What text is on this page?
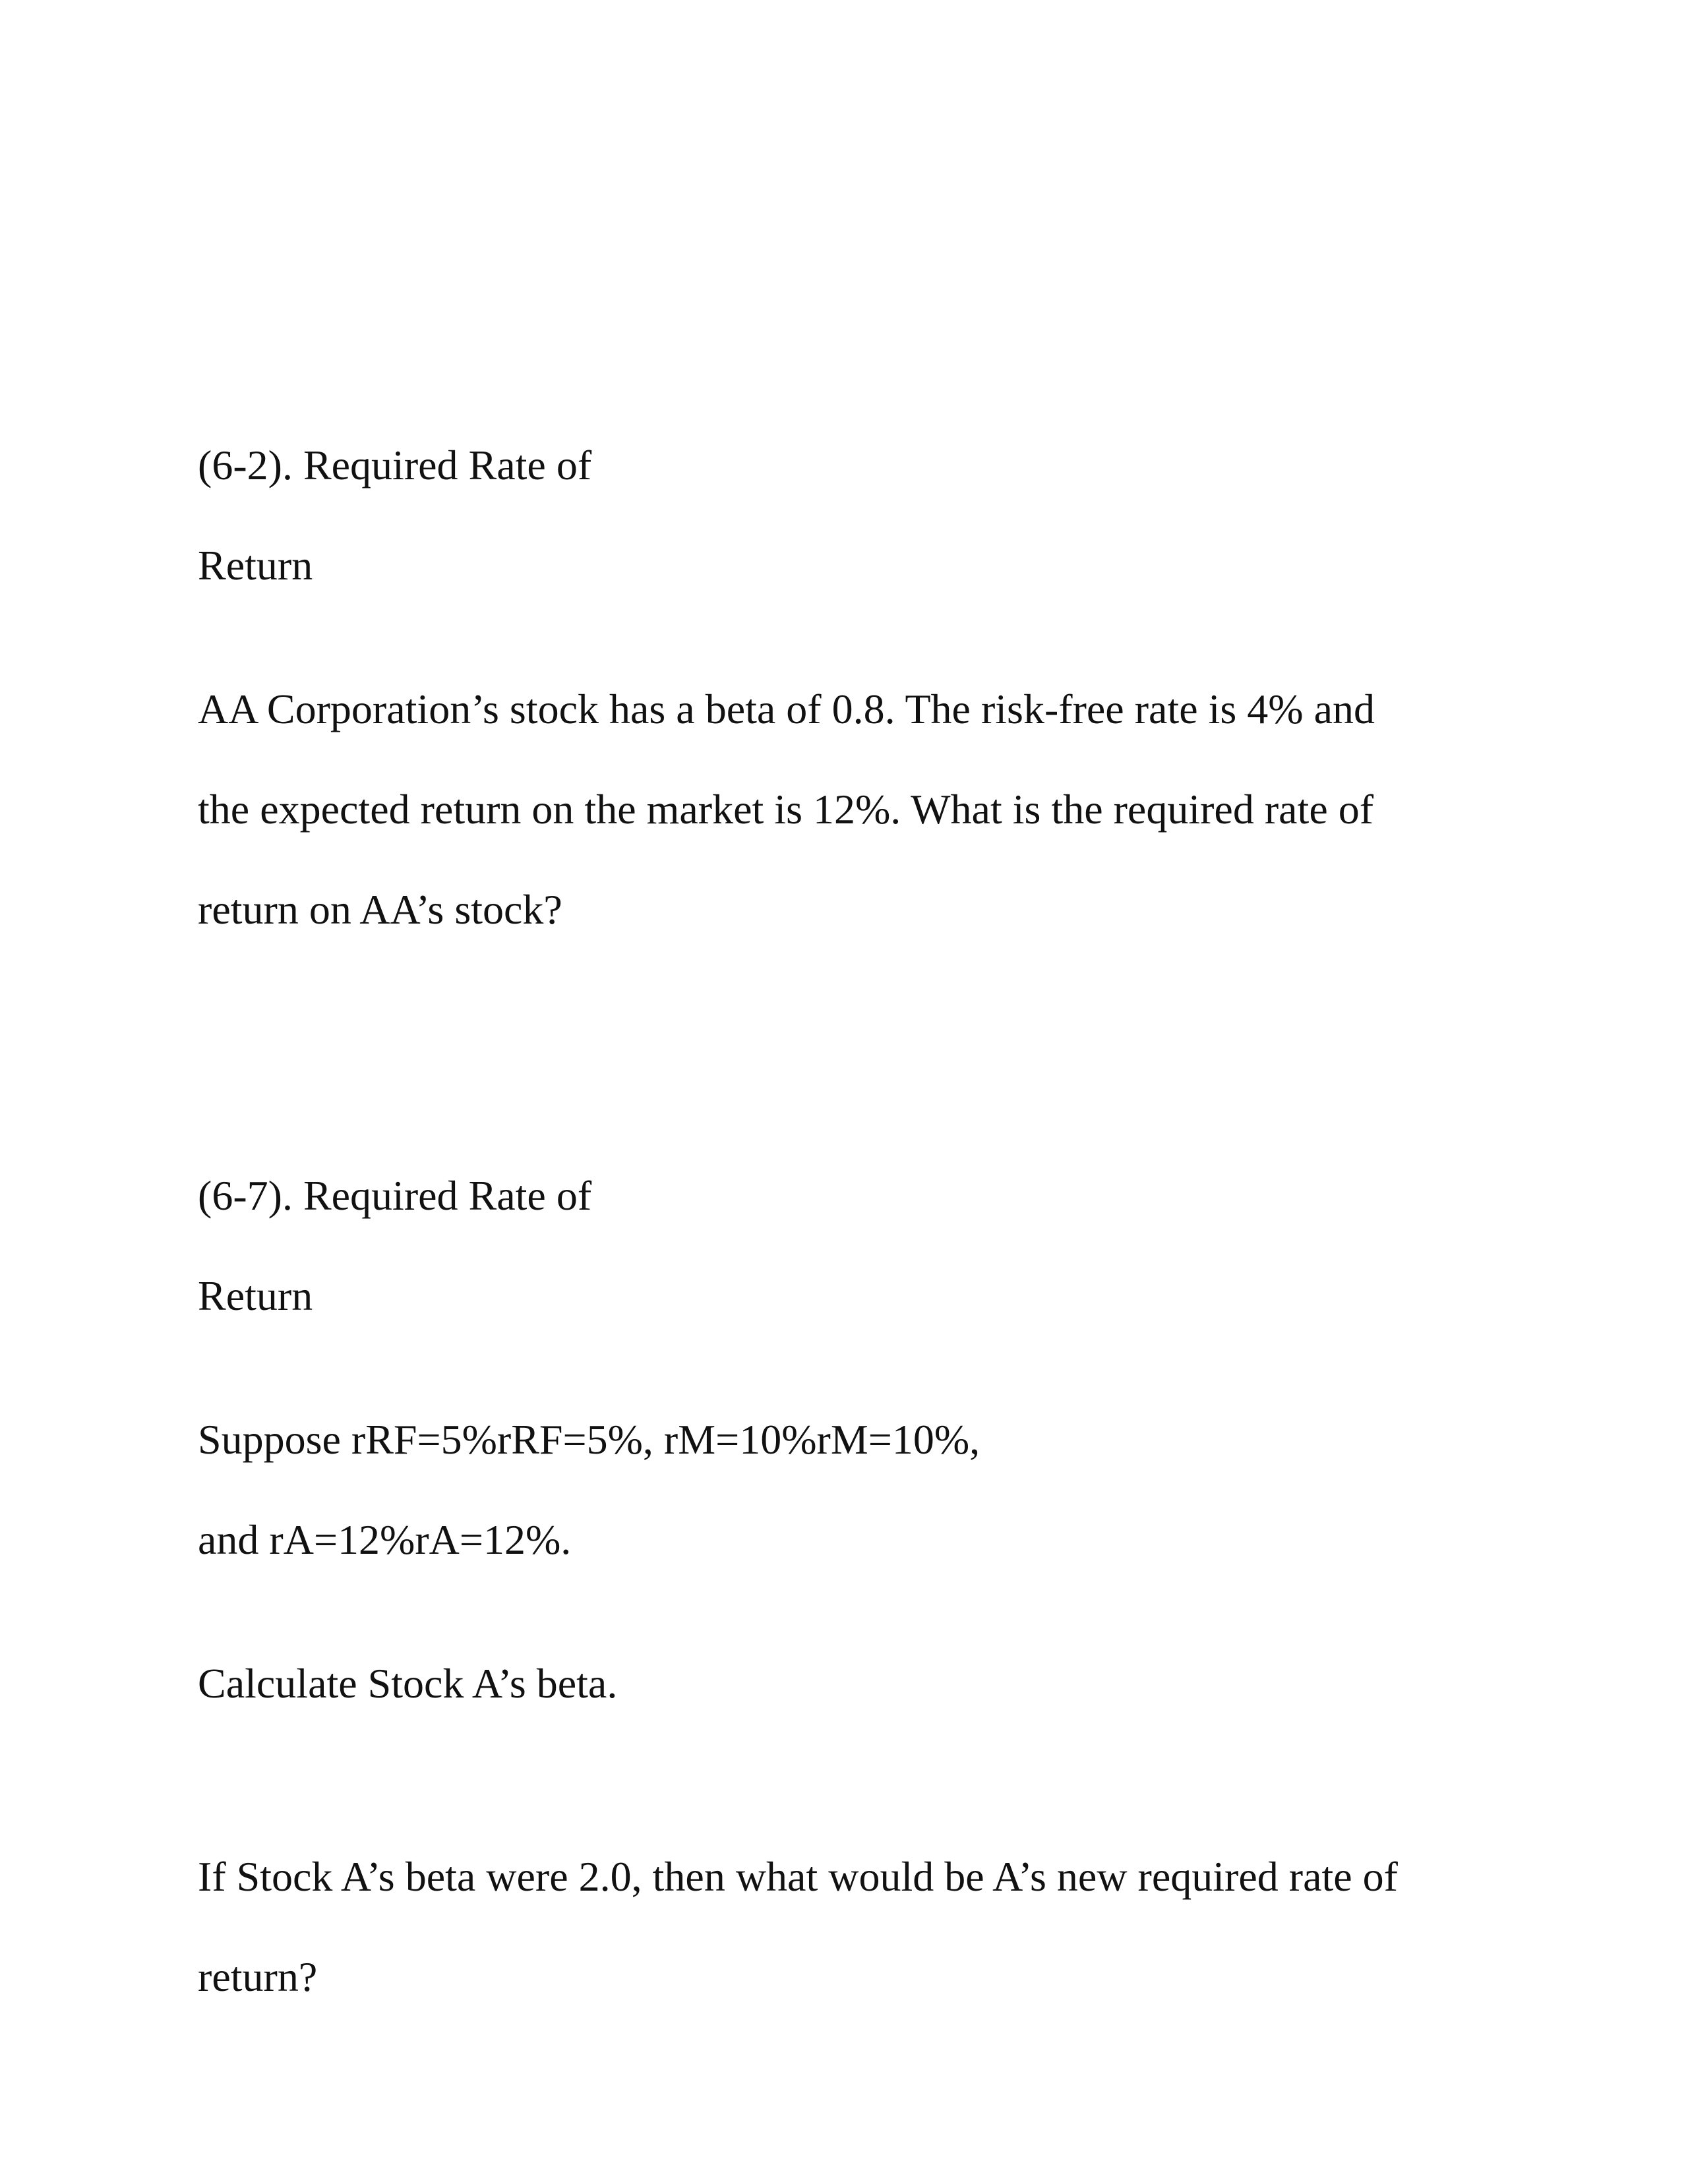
(6-2). Required Rate of

Return

AA Corporation’s stock has a beta of 0.8. The risk-free rate is 4% and

the expected return on the market is 12%. What is the required rate of

return on AA’s stock?

(6-7). Required Rate of

Return

Suppose rRF=5%rRF=5%, rM=10%rM=10%,

and rA=12%rA=12%.

Calculate Stock A’s beta.

If Stock A’s beta were 2.0, then what would be A’s new required rate of

return?
